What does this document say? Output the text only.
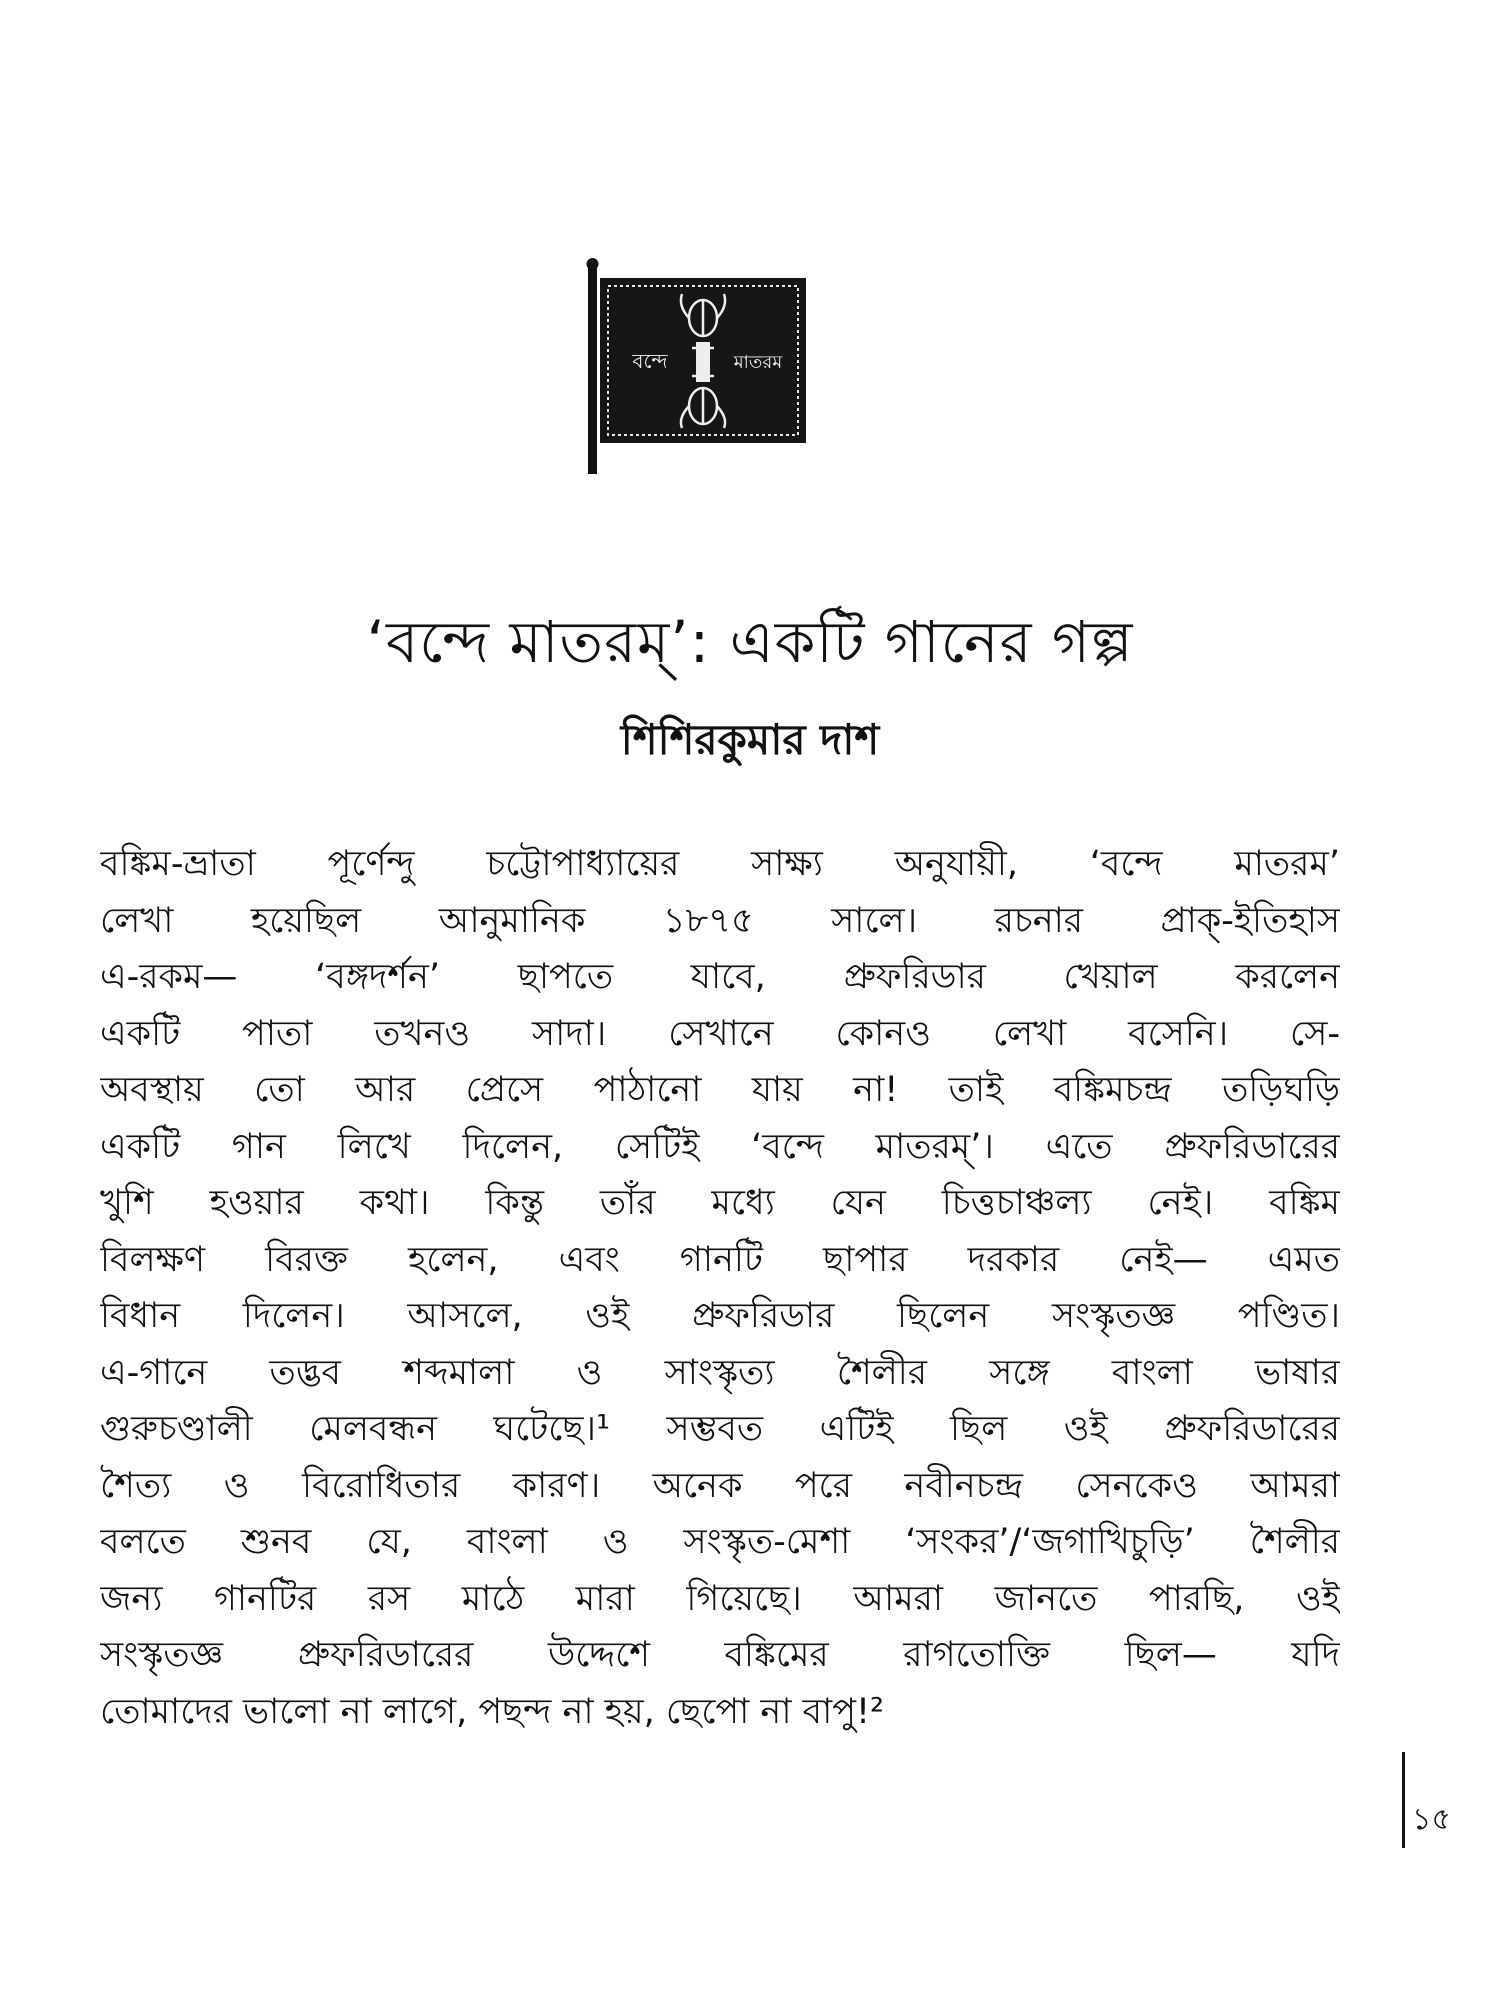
বন্দে	মাতরম
‘বন্দে মাতরম্’: একটি গানের গল্প
শিশিরকুমার দাশ
বঙ্কিম-ভ্রাতা পূর্ণেন্দু চট্টোপাধ্যায়ের সাক্ষ্য অনুযায়ী, ‘বন্দে মাতরম’
লেখা হয়েছিল আনুমানিক ১৮৭৫ সালে। রচনার প্রাক্-ইতিহাস
এ-রকম— ‘বঙ্গদর্শন’ ছাপতে যাবে, প্রুফরিডার খেয়াল করলেন
একটি পাতা তখনও সাদা। সেখানে কোনও লেখা বসেনি। সে-
অবস্থায় তো আর প্রেসে পাঠানো যায় না! তাই বঙ্কিমচন্দ্র তড়িঘড়ি
একটি গান লিখে দিলেন, সেটিই ‘বন্দে মাতরম্’। এতে প্রুফরিডারের
খুশি হওয়ার কথা। কিন্তু তাঁর মধ্যে যেন চিত্তচাঞ্চল্য নেই। বঙ্কিম
বিলক্ষণ বিরক্ত হলেন, এবং গানটি ছাপার দরকার নেই— এমত
বিধান দিলেন। আসলে, ওই প্রুফরিডার ছিলেন সংস্কৃতজ্ঞ পণ্ডিত।
এ-গানে তদ্ভব শব্দমালা ও সাংস্কৃত্য শৈলীর সঙ্গে বাংলা ভাষার
গুরুচণ্ডালী মেলবন্ধন ঘটেছে।¹ সম্ভবত এটিই ছিল ওই প্রুফরিডারের
শৈত্য ও বিরোধিতার কারণ। অনেক পরে নবীনচন্দ্র সেনকেও আমরা
বলতে শুনব যে, বাংলা ও সংস্কৃত-মেশা ‘সংকর’/‘জগাখিচুড়ি’ শৈলীর
জন্য গানটির রস মাঠে মারা গিয়েছে। আমরা জানতে পারছি, ওই
সংস্কৃতজ্ঞ প্রুফরিডারের উদ্দেশে বঙ্কিমের রাগতোক্তি ছিল— যদি
তোমাদের ভালো না লাগে, পছন্দ না হয়, ছেপো না বাপু!²
১৫
